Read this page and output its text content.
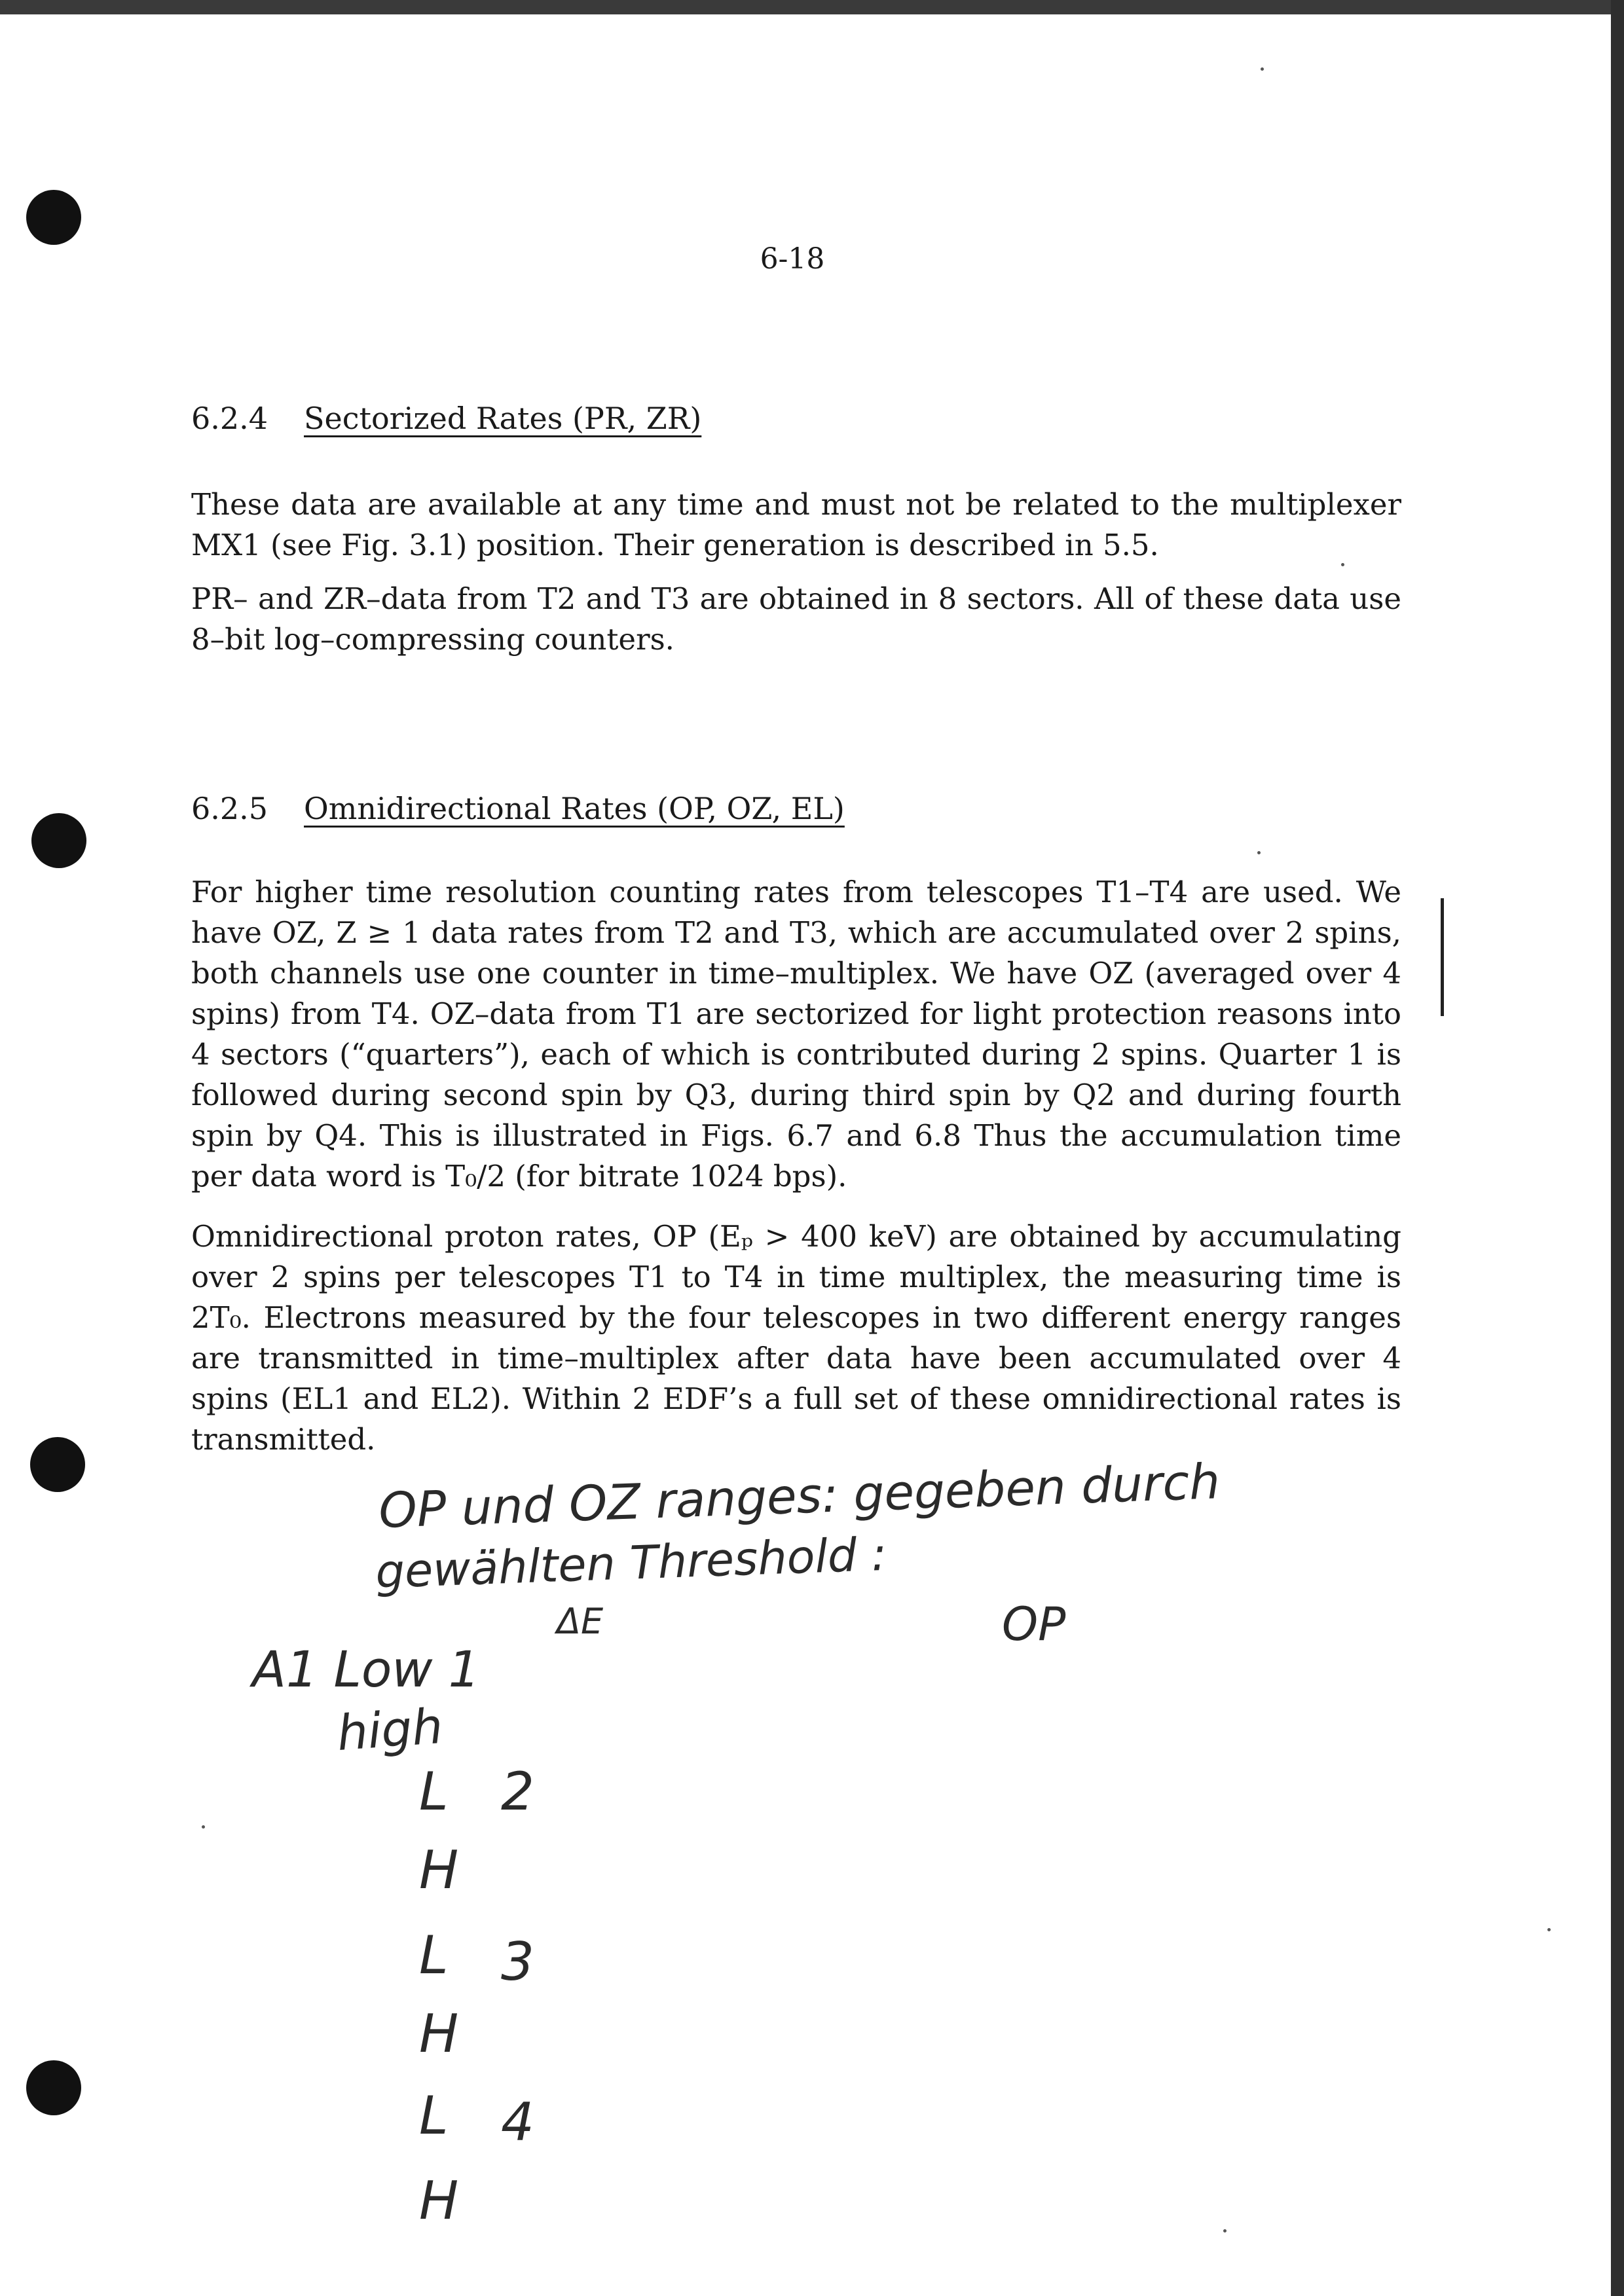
6-18
6.2.4 Sectorized Rates (PR, ZR)

These data are available at any time and must not be related to the multiplexer MX1 (see Fig. 3.1) position. Their generation is described in 5.5.

PR– and ZR–data from T2 and T3 are obtained in 8 sectors. All of these data use 8–bit log–compressing counters.

6.2.5 Omnidirectional Rates (OP, OZ, EL)

For higher time resolution counting rates from telescopes T1–T4 are used. We have OZ, Z ≥ 1 data rates from T2 and T3, which are accumulated over 2 spins, both channels use one counter in time–multiplex. We have OZ (averaged over 4 spins) from T4. OZ–data from T1 are sectorized for light protection reasons into 4 sectors (“quarters”), each of which is contributed during 2 spins. Quarter 1 is followed during second spin by Q3, during third spin by Q2 and during fourth spin by Q4. This is illustrated in Figs. 6.7 and 6.8 Thus the accumulation time per data word is T₀/2 (for bitrate 1024 bps).

Omnidirectional proton rates, OP (Eₚ > 400 keV) are obtained by accumulating over 2 spins per telescopes T1 to T4 in time multiplex, the measuring time is 2T₀. Electrons measured by the four telescopes in two different energy ranges are transmitted in time–multiplex after data have been accumulated over 4 spins (EL1 and EL2). Within 2 EDF’s a full set of these omnidirectional rates is transmitted.

OP und OZ ranges: gegeben durch
gewählten Threshold :
ΔE	OP
A1 Low 1
high
L 2
H
L 3
H
L 4
H
